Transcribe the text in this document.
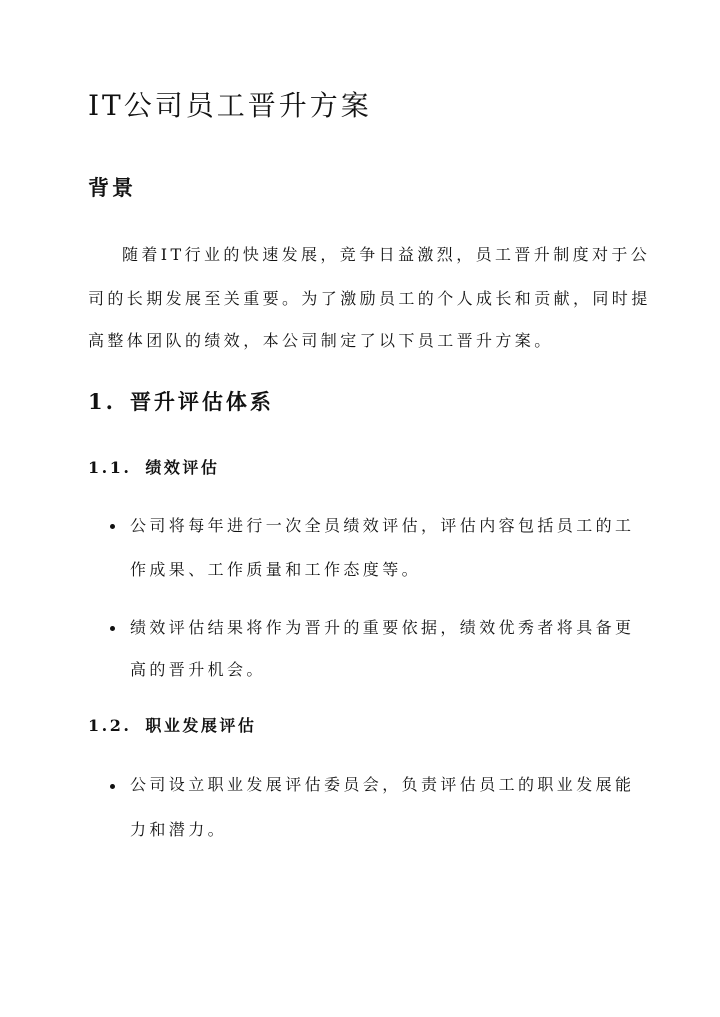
IT公司员工晋升方案
背景

随着IT行业的快速发展，竞争日益激烈，员工晋升制度对于公

司的长期发展至关重要。为了激励员工的个人成长和贡献，同时提

高整体团队的绩效，本公司制定了以下员工晋升方案。

1. 晋升评估体系
1.1. 绩效评估

公司将每年进行一次全员绩效评估，评估内容包括员工的工

作成果、工作质量和工作态度等。

绩效评估结果将作为晋升的重要依据，绩效优秀者将具备更

高的晋升机会。

1.2. 职业发展评估

公司设立职业发展评估委员会，负责评估员工的职业发展能

力和潜力。
